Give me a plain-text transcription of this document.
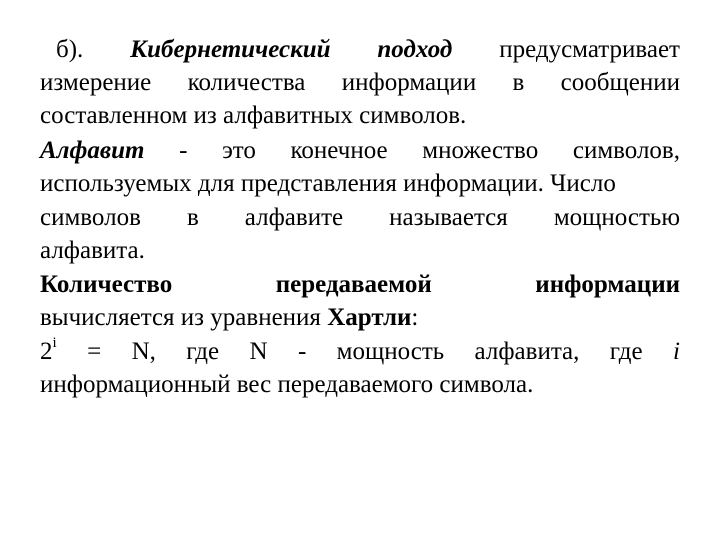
б). Кибернетический подход предусматривает
измерение количества информации в сообщении
составленном из алфавитных символов.
Алфавит - это конечное множество символов,
используемых для представления информации. Число
символов в алфавите называется мощностью
алфавита.
Количество	передаваемой	информации
вычисляется из уравнения Хартли:
$2^i = N$, где N - мощность алфавита, где i
информационный вес передаваемого символа.
